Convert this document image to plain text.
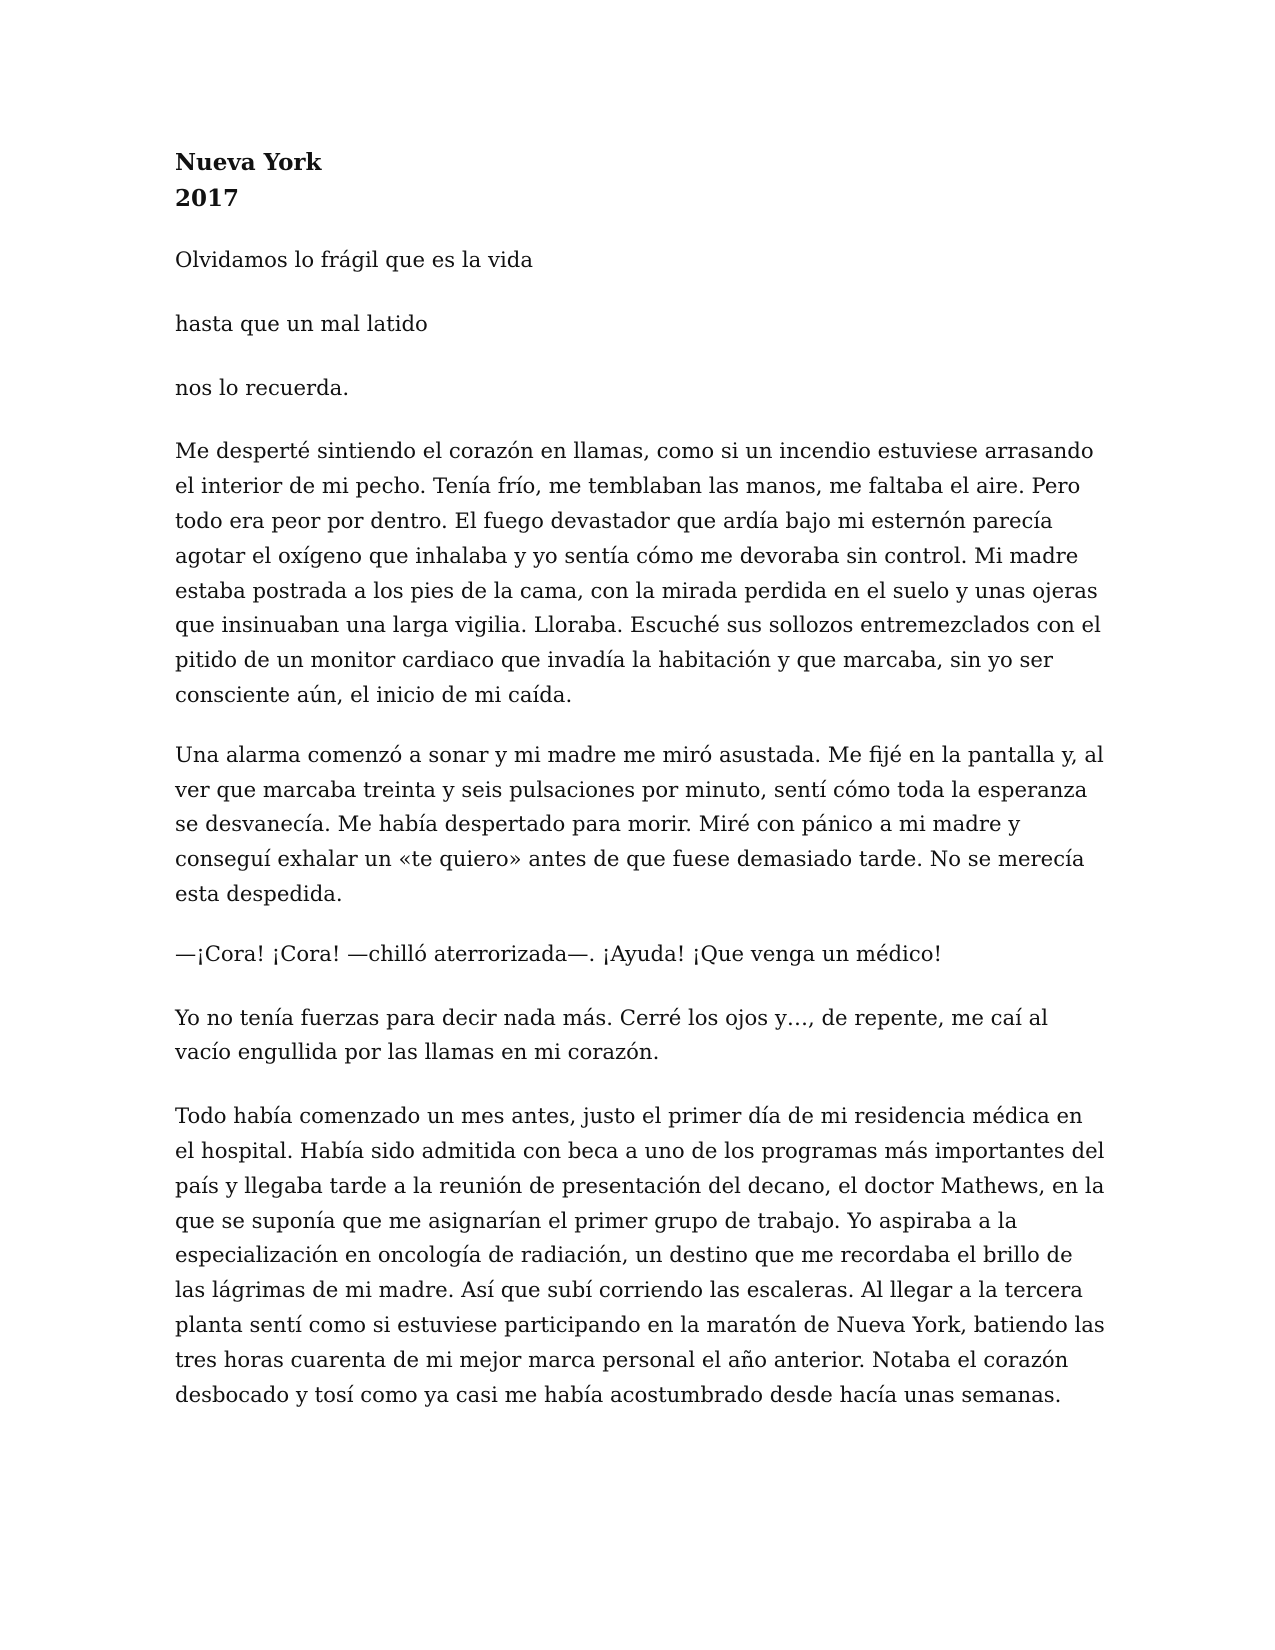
Nueva York

2017

Olvidamos lo frágil que es la vida

hasta que un mal latido

nos lo recuerda.

Me desperté sintiendo el corazón en llamas, como si un incendio estuviese arrasando el interior de mi pecho. Tenía frío, me temblaban las manos, me faltaba el aire. Pero todo era peor por dentro. El fuego devastador que ardía bajo mi esternón parecía agotar el oxígeno que inhalaba y yo sentía cómo me devoraba sin control. Mi madre estaba postrada a los pies de la cama, con la mirada perdida en el suelo y unas ojeras que insinuaban una larga vigilia. Lloraba. Escuché sus sollozos entremezclados con el pitido de un monitor cardiaco que invadía la habitación y que marcaba, sin yo ser consciente aún, el inicio de mi caída.

Una alarma comenzó a sonar y mi madre me miró asustada. Me fijé en la pantalla y, al ver que marcaba treinta y seis pulsaciones por minuto, sentí cómo toda la esperanza se desvanecía. Me había despertado para morir. Miré con pánico a mi madre y conseguí exhalar un «te quiero» antes de que fuese demasiado tarde. No se merecía esta despedida.

—¡Cora! ¡Cora! —chilló aterrorizada—. ¡Ayuda! ¡Que venga un médico!

Yo no tenía fuerzas para decir nada más. Cerré los ojos y…, de repente, me caí al vacío engullida por las llamas en mi corazón.

Todo había comenzado un mes antes, justo el primer día de mi residencia médica en el hospital. Había sido admitida con beca a uno de los programas más importantes del país y llegaba tarde a la reunión de presentación del decano, el doctor Mathews, en la que se suponía que me asignarían el primer grupo de trabajo. Yo aspiraba a la especialización en oncología de radiación, un destino que me recordaba el brillo de las lágrimas de mi madre. Así que subí corriendo las escaleras. Al llegar a la tercera planta sentí como si estuviese participando en la maratón de Nueva York, batiendo las tres horas cuarenta de mi mejor marca personal el año anterior. Notaba el corazón desbocado y tosí como ya casi me había acostumbrado desde hacía unas semanas.
